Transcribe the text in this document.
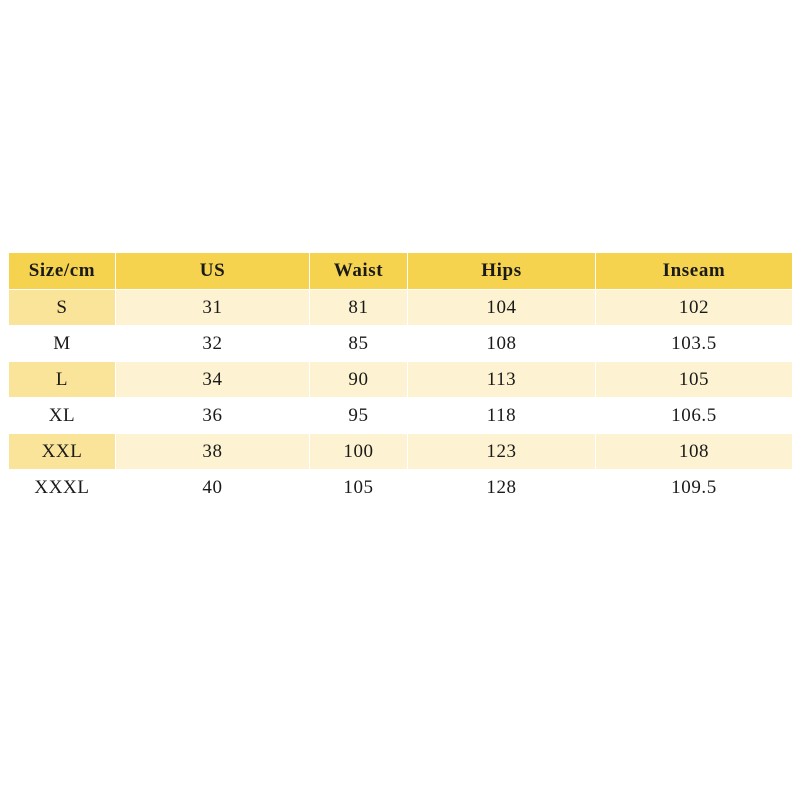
Size/cm	US	Waist	Hips	Inseam
S	31	81	104	102
M	32	85	108	103.5
L	34	90	113	105
XL	36	95	118	106.5
XXL	38	100	123	108
XXXL	40	105	128	109.5
